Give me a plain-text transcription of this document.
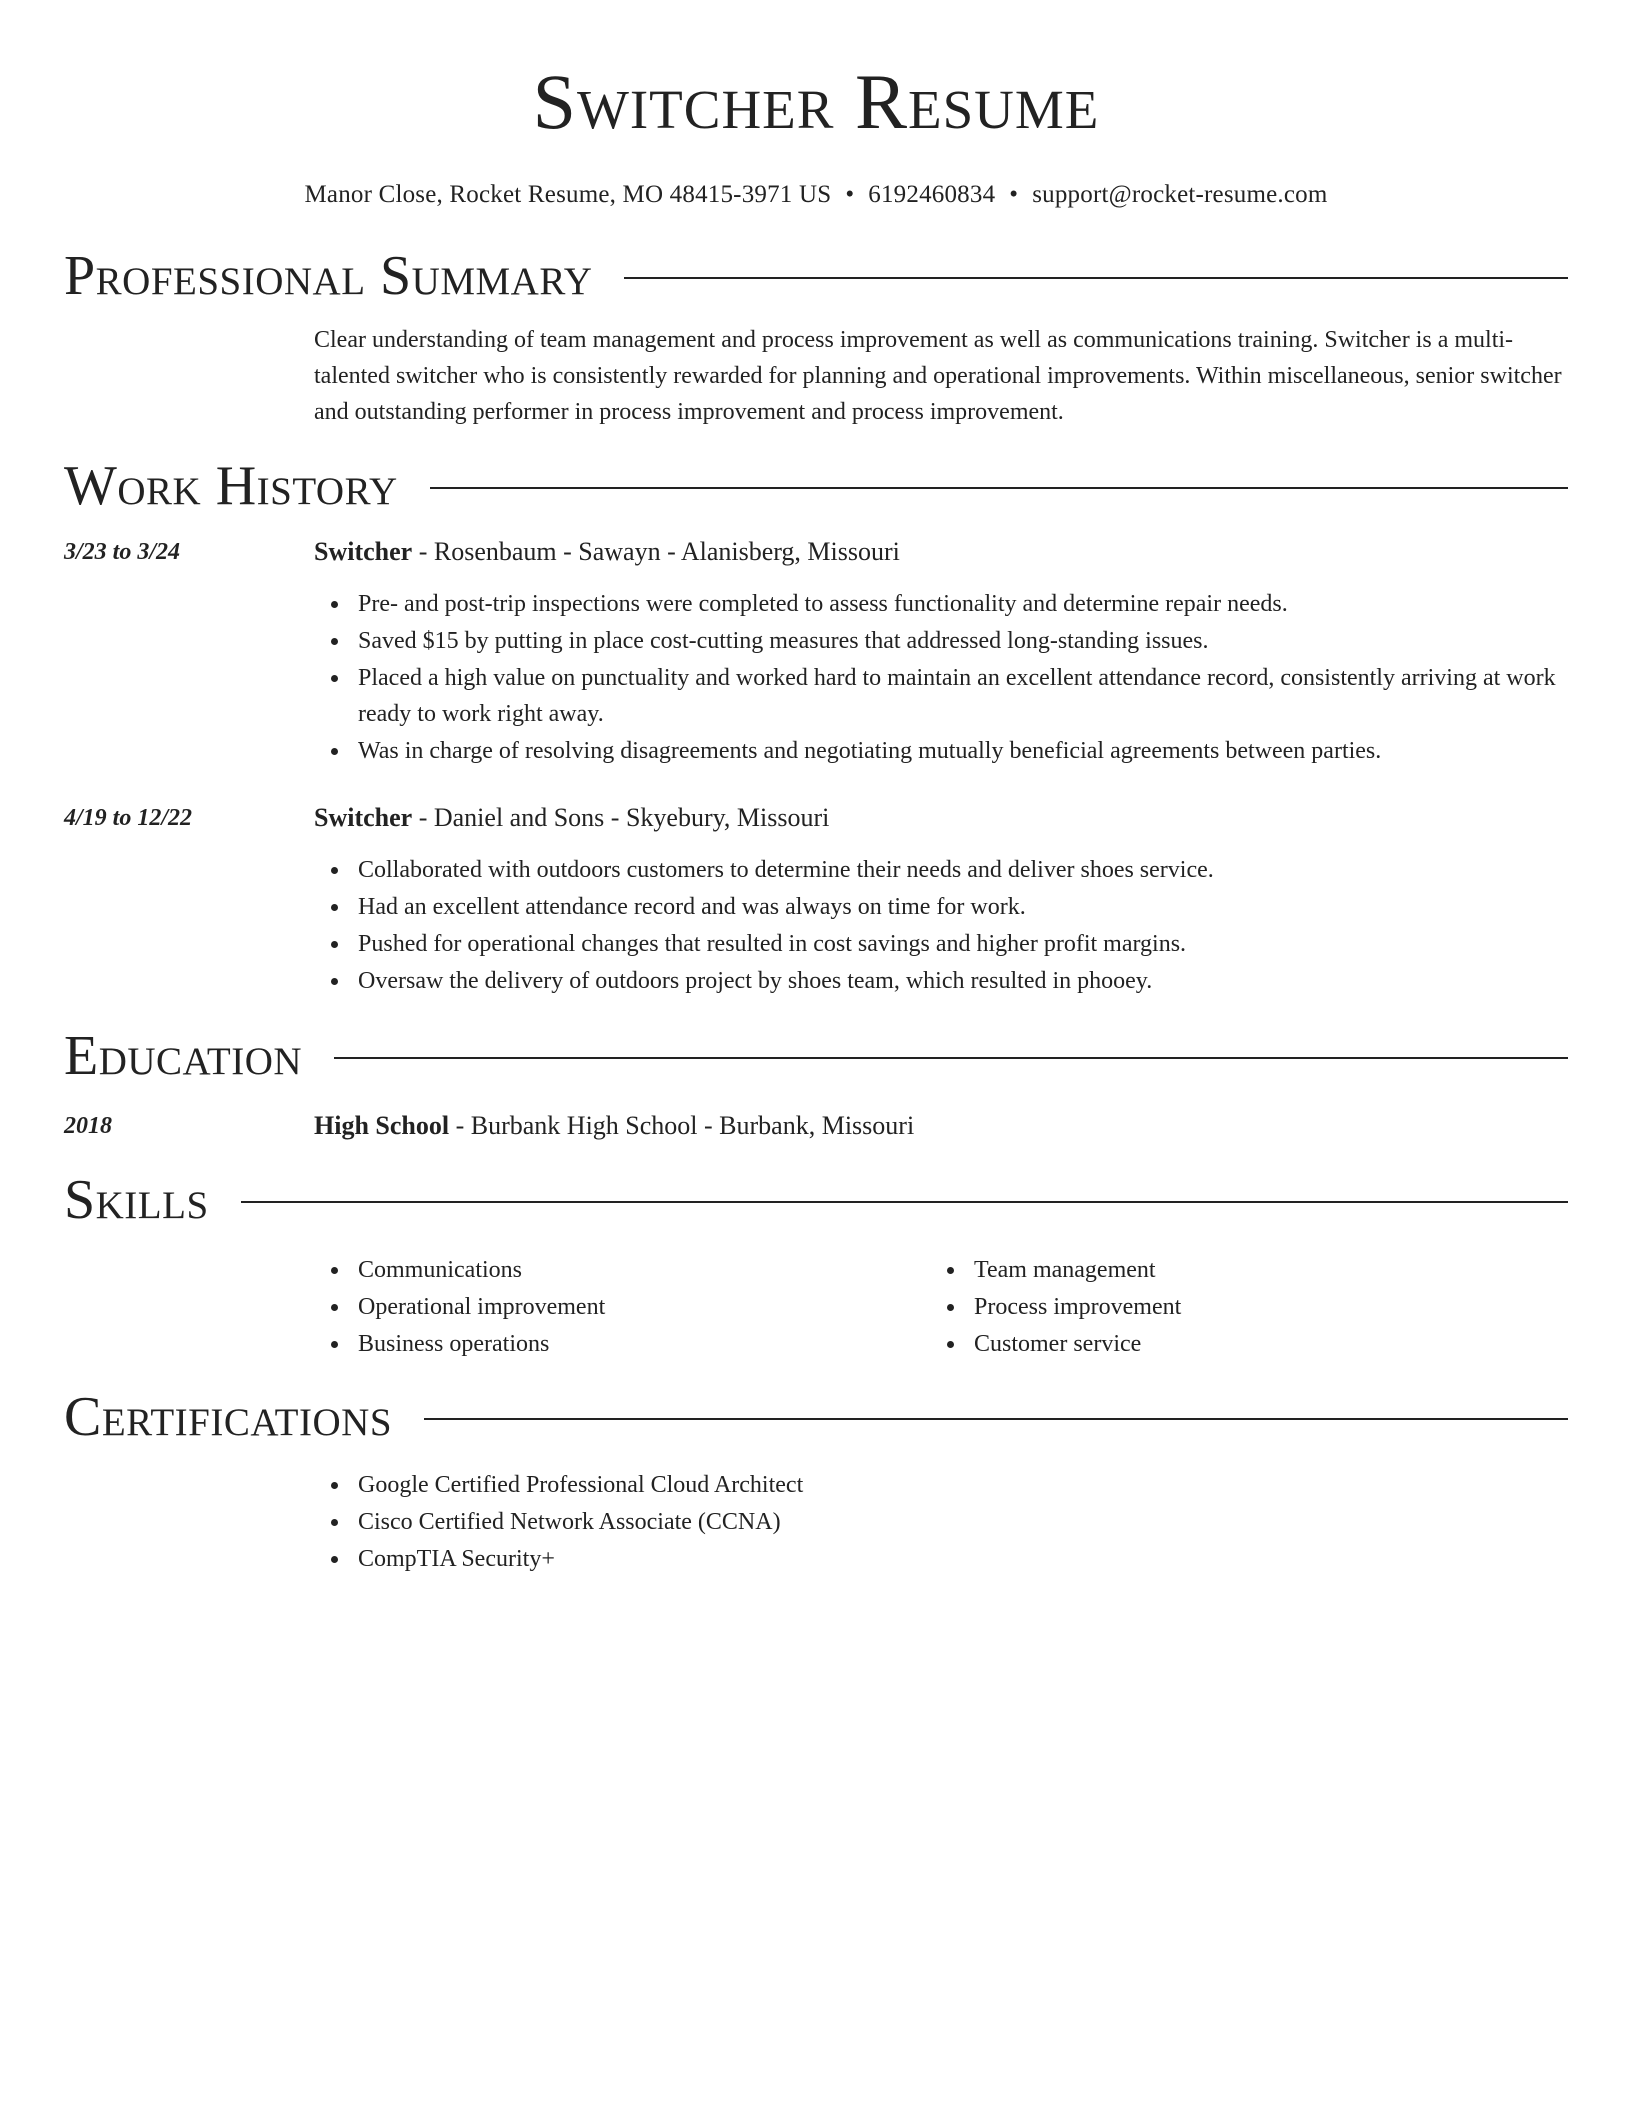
Switcher Resume
Manor Close, Rocket Resume, MO 48415-3971 US • 6192460834 • support@rocket-resume.com
Professional Summary

Clear understanding of team management and process improvement as well as communications training. Switcher is a multi-talented switcher who is consistently rewarded for planning and operational improvements. Within miscellaneous, senior switcher and outstanding performer in process improvement and process improvement.

Work History
3/23 to 3/24	Switcher - Rosenbaum - Sawayn - Alanisberg, Missouri
Pre- and post-trip inspections were completed to assess functionality and determine repair needs.
Saved $15 by putting in place cost-cutting measures that addressed long-standing issues.
Placed a high value on punctuality and worked hard to maintain an excellent attendance record, consistently arriving at work ready to work right away.
Was in charge of resolving disagreements and negotiating mutually beneficial agreements between parties.
4/19 to 12/22	Switcher - Daniel and Sons - Skyebury, Missouri
Collaborated with outdoors customers to determine their needs and deliver shoes service.
Had an excellent attendance record and was always on time for work.
Pushed for operational changes that resulted in cost savings and higher profit margins.
Oversaw the delivery of outdoors project by shoes team, which resulted in phooey.
Education
2018	High School - Burbank High School - Burbank, Missouri
Skills
Communications
Operational improvement
Business operations
Team management
Process improvement
Customer service
Certifications
Google Certified Professional Cloud Architect
Cisco Certified Network Associate (CCNA)
CompTIA Security+
